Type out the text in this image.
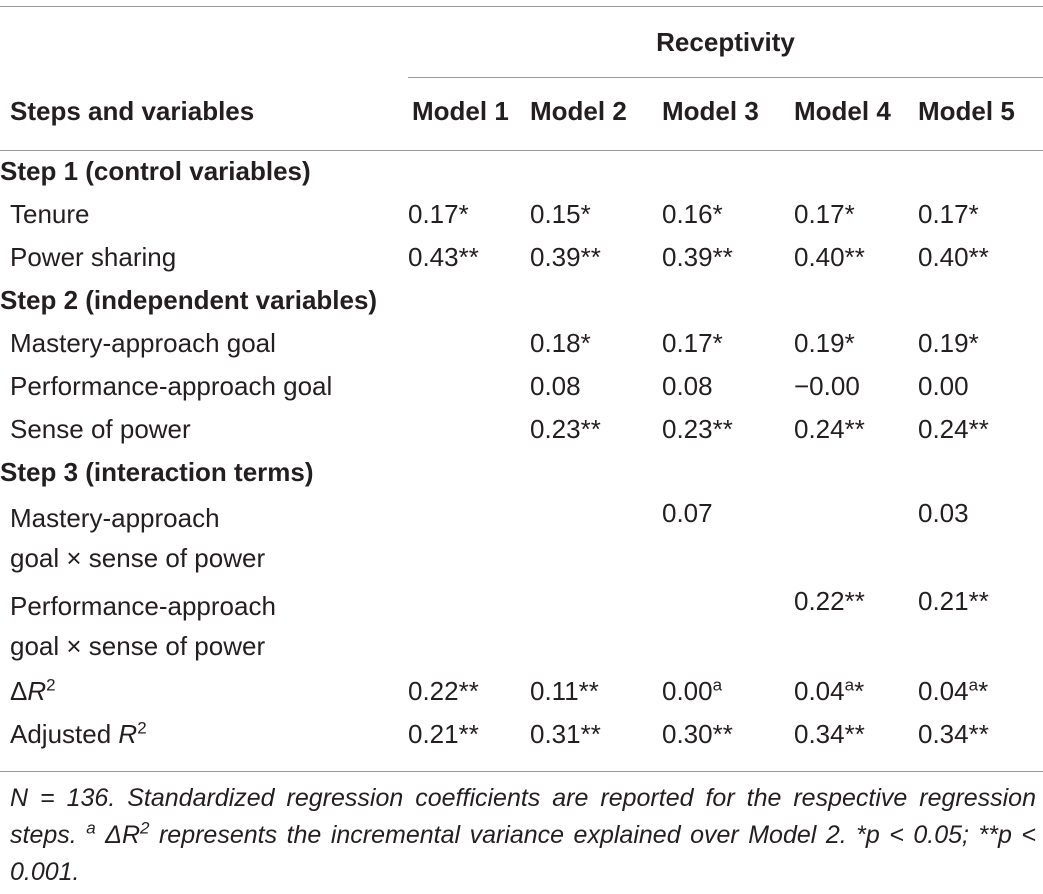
	Receptivity				
Steps and variables	Model 1	Model 2	Model 3	Model 4	Model 5
Step 1 (control variables)					
Tenure	0.17*	0.15*	0.16*	0.17*	0.17*
Power sharing	0.43**	0.39**	0.39**	0.40**	0.40**
Step 2 (independent variables)					
Mastery-approach goal		0.18*	0.17*	0.19*	0.19*
Performance-approach goal		0.08	0.08	−0.00	0.00
Sense of power		0.23**	0.23**	0.24**	0.24**
Step 3 (interaction terms)					
Mastery-approach
goal × sense of power			0.07		0.03
Performance-approach
goal × sense of power				0.22**	0.21**
$\Delta R^2$	0.22**	0.11**	0.00$^a$	0.04$^a$*	0.04$^a$*
Adjusted $R^2$	0.21**	0.31**	0.30**	0.34**	0.34**
N = 136. Standardized regression coefficients are reported for the respective regression steps. $^a$ $\Delta R^2$ represents the incremental variance explained over Model 2. *p < 0.05; **p < 0.001.
